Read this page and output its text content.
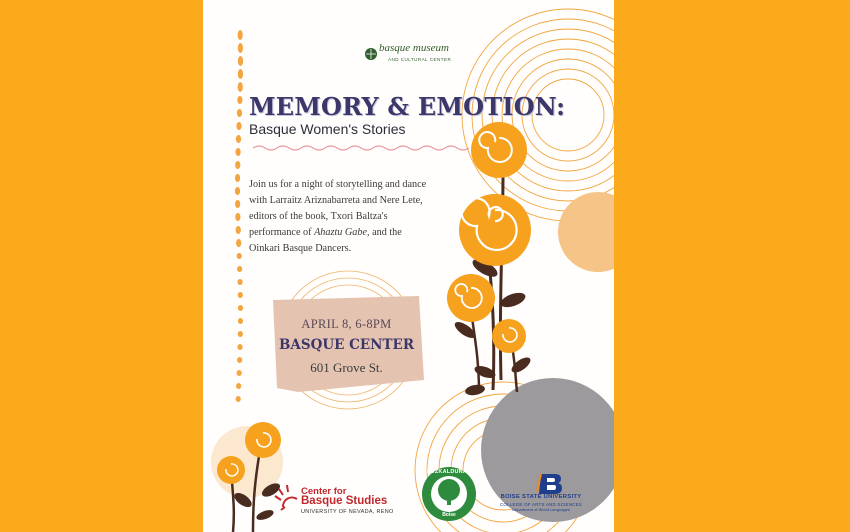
basque museum
AND CULTURAL CENTER
MEMORY & EMOTION:
Basque Women's Stories
Join us for a night of storytelling and dance
with Larraitz Ariznabarreta and Nere Lete,
editors of the book, Txori Baltza's
performance of Ahaztu Gabe, and the
Oinkari Basque Dancers.
APRIL 8, 6-8PM
BASQUE CENTER
601 Grove St.
Center for
Basque Studies
UNIVERSITY OF NEVADA, RENO
EUZKALDUNAK
Boise
BOISE STATE UNIVERSITY
COLLEGE OF ARTS AND SCIENCES
Department of World Languages
